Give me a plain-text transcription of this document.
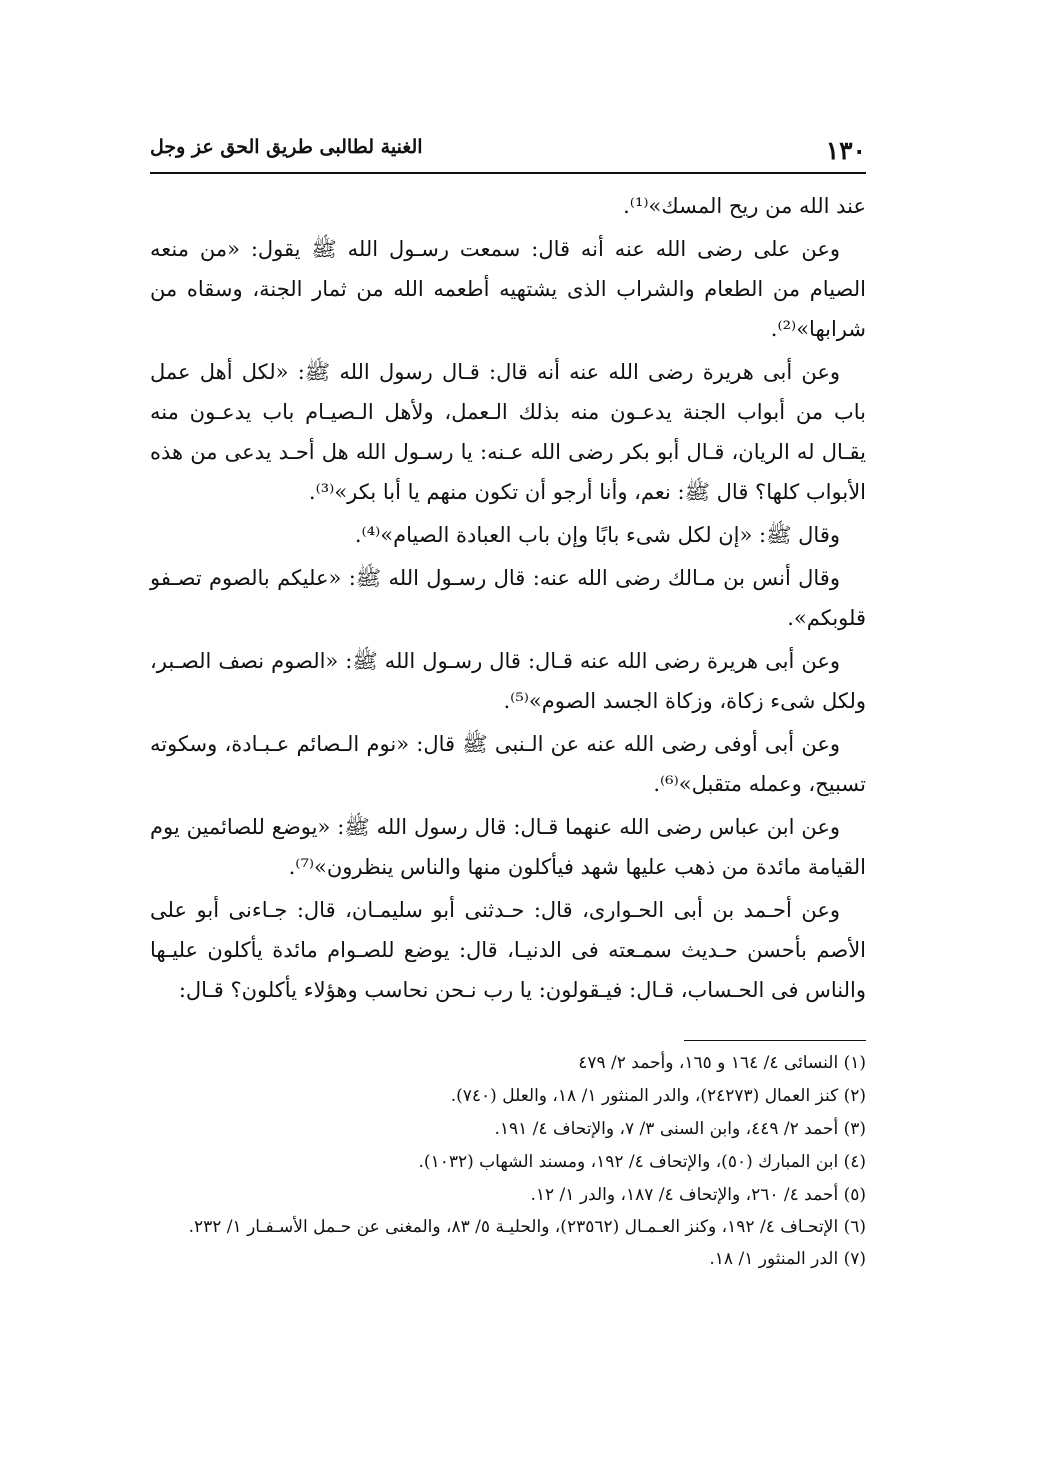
١٣٠
الغنية لطالبى طريق الحق عز وجل

عند الله من ريح المسك»⁽¹⁾.

وعن على رضى الله عنه أنه قال: سمعت رسـول الله ﷺ يقول: «من منعه الصيام من الطعام والشراب الذى يشتهيه أطعمه الله من ثمار الجنة، وسقاه من شرابها»⁽²⁾.

وعن أبى هريرة رضى الله عنه أنه قال: قـال رسول الله ﷺ: «لكل أهل عمل باب من أبواب الجنة يدعـون منه بذلك الـعمل، ولأهل الـصيـام باب يدعـون منه يقـال له الريان، قـال أبو بكر رضى الله عـنه: يا رسـول الله هل أحـد يدعى من هذه الأبواب كلها؟ قال ﷺ: نعم، وأنا أرجو أن تكون منهم يا أبا بكر»⁽³⁾.

وقال ﷺ: «إن لكل شىء بابًا وإن باب العبادة الصيام»⁽⁴⁾.

وقال أنس بن مـالك رضى الله عنه: قال رسـول الله ﷺ: «عليكم بالصوم تصـفو قلوبكم».

وعن أبى هريرة رضى الله عنه قـال: قال رسـول الله ﷺ: «الصوم نصف الصـبر، ولكل شىء زكاة، وزكاة الجسد الصوم»⁽⁵⁾.

وعن أبى أوفى رضى الله عنه عن الـنبى ﷺ قال: «نوم الـصائم عـبـادة، وسكوته تسبيح، وعمله متقبل»⁽⁶⁾.

وعن ابن عباس رضى الله عنهما قـال: قال رسول الله ﷺ: «يوضع للصائمين يوم القيامة مائدة من ذهب عليها شهد فيأكلون منها والناس ينظرون»⁽⁷⁾.

وعن أحـمد بن أبى الحـوارى، قال: حـدثنى أبو سليمـان، قال: جـاءنى أبو على الأصم بأحسن حـديث سمـعته فى الدنيـا، قال: يوضع للصـوام مائدة يأكلون عليـها والناس فى الحـساب، قـال: فيـقولون: يا رب نـحن نحاسب وهؤلاء يأكلون؟ قـال:

(١) النسائى ٤/ ١٦٤ و ١٦٥، وأحمد ٢/ ٤٧٩

(٢) كنز العمال (٢٤٢٧٣)، والدر المنثور ١/ ١٨، والعلل (٧٤٠).

(٣) أحمد ٢/ ٤٤٩، وابن السنى ٣/ ٧، والإتحاف ٤/ ١٩١.

(٤) ابن المبارك (٥٠)، والإتحاف ٤/ ١٩٢، ومسند الشهاب (١٠٣٢).

(٥) أحمد ٤/ ٢٦٠، والإتحاف ٤/ ١٨٧، والدر ١/ ١٢.

(٦) الإتحـاف ٤/ ١٩٢، وكنز العـمـال (٢٣٥٦٢)، والحليـة ٥/ ٨٣، والمغنى عن حـمل الأسـفـار ١/ ٢٣٢.

(٧) الدر المنثور ١/ ١٨.
